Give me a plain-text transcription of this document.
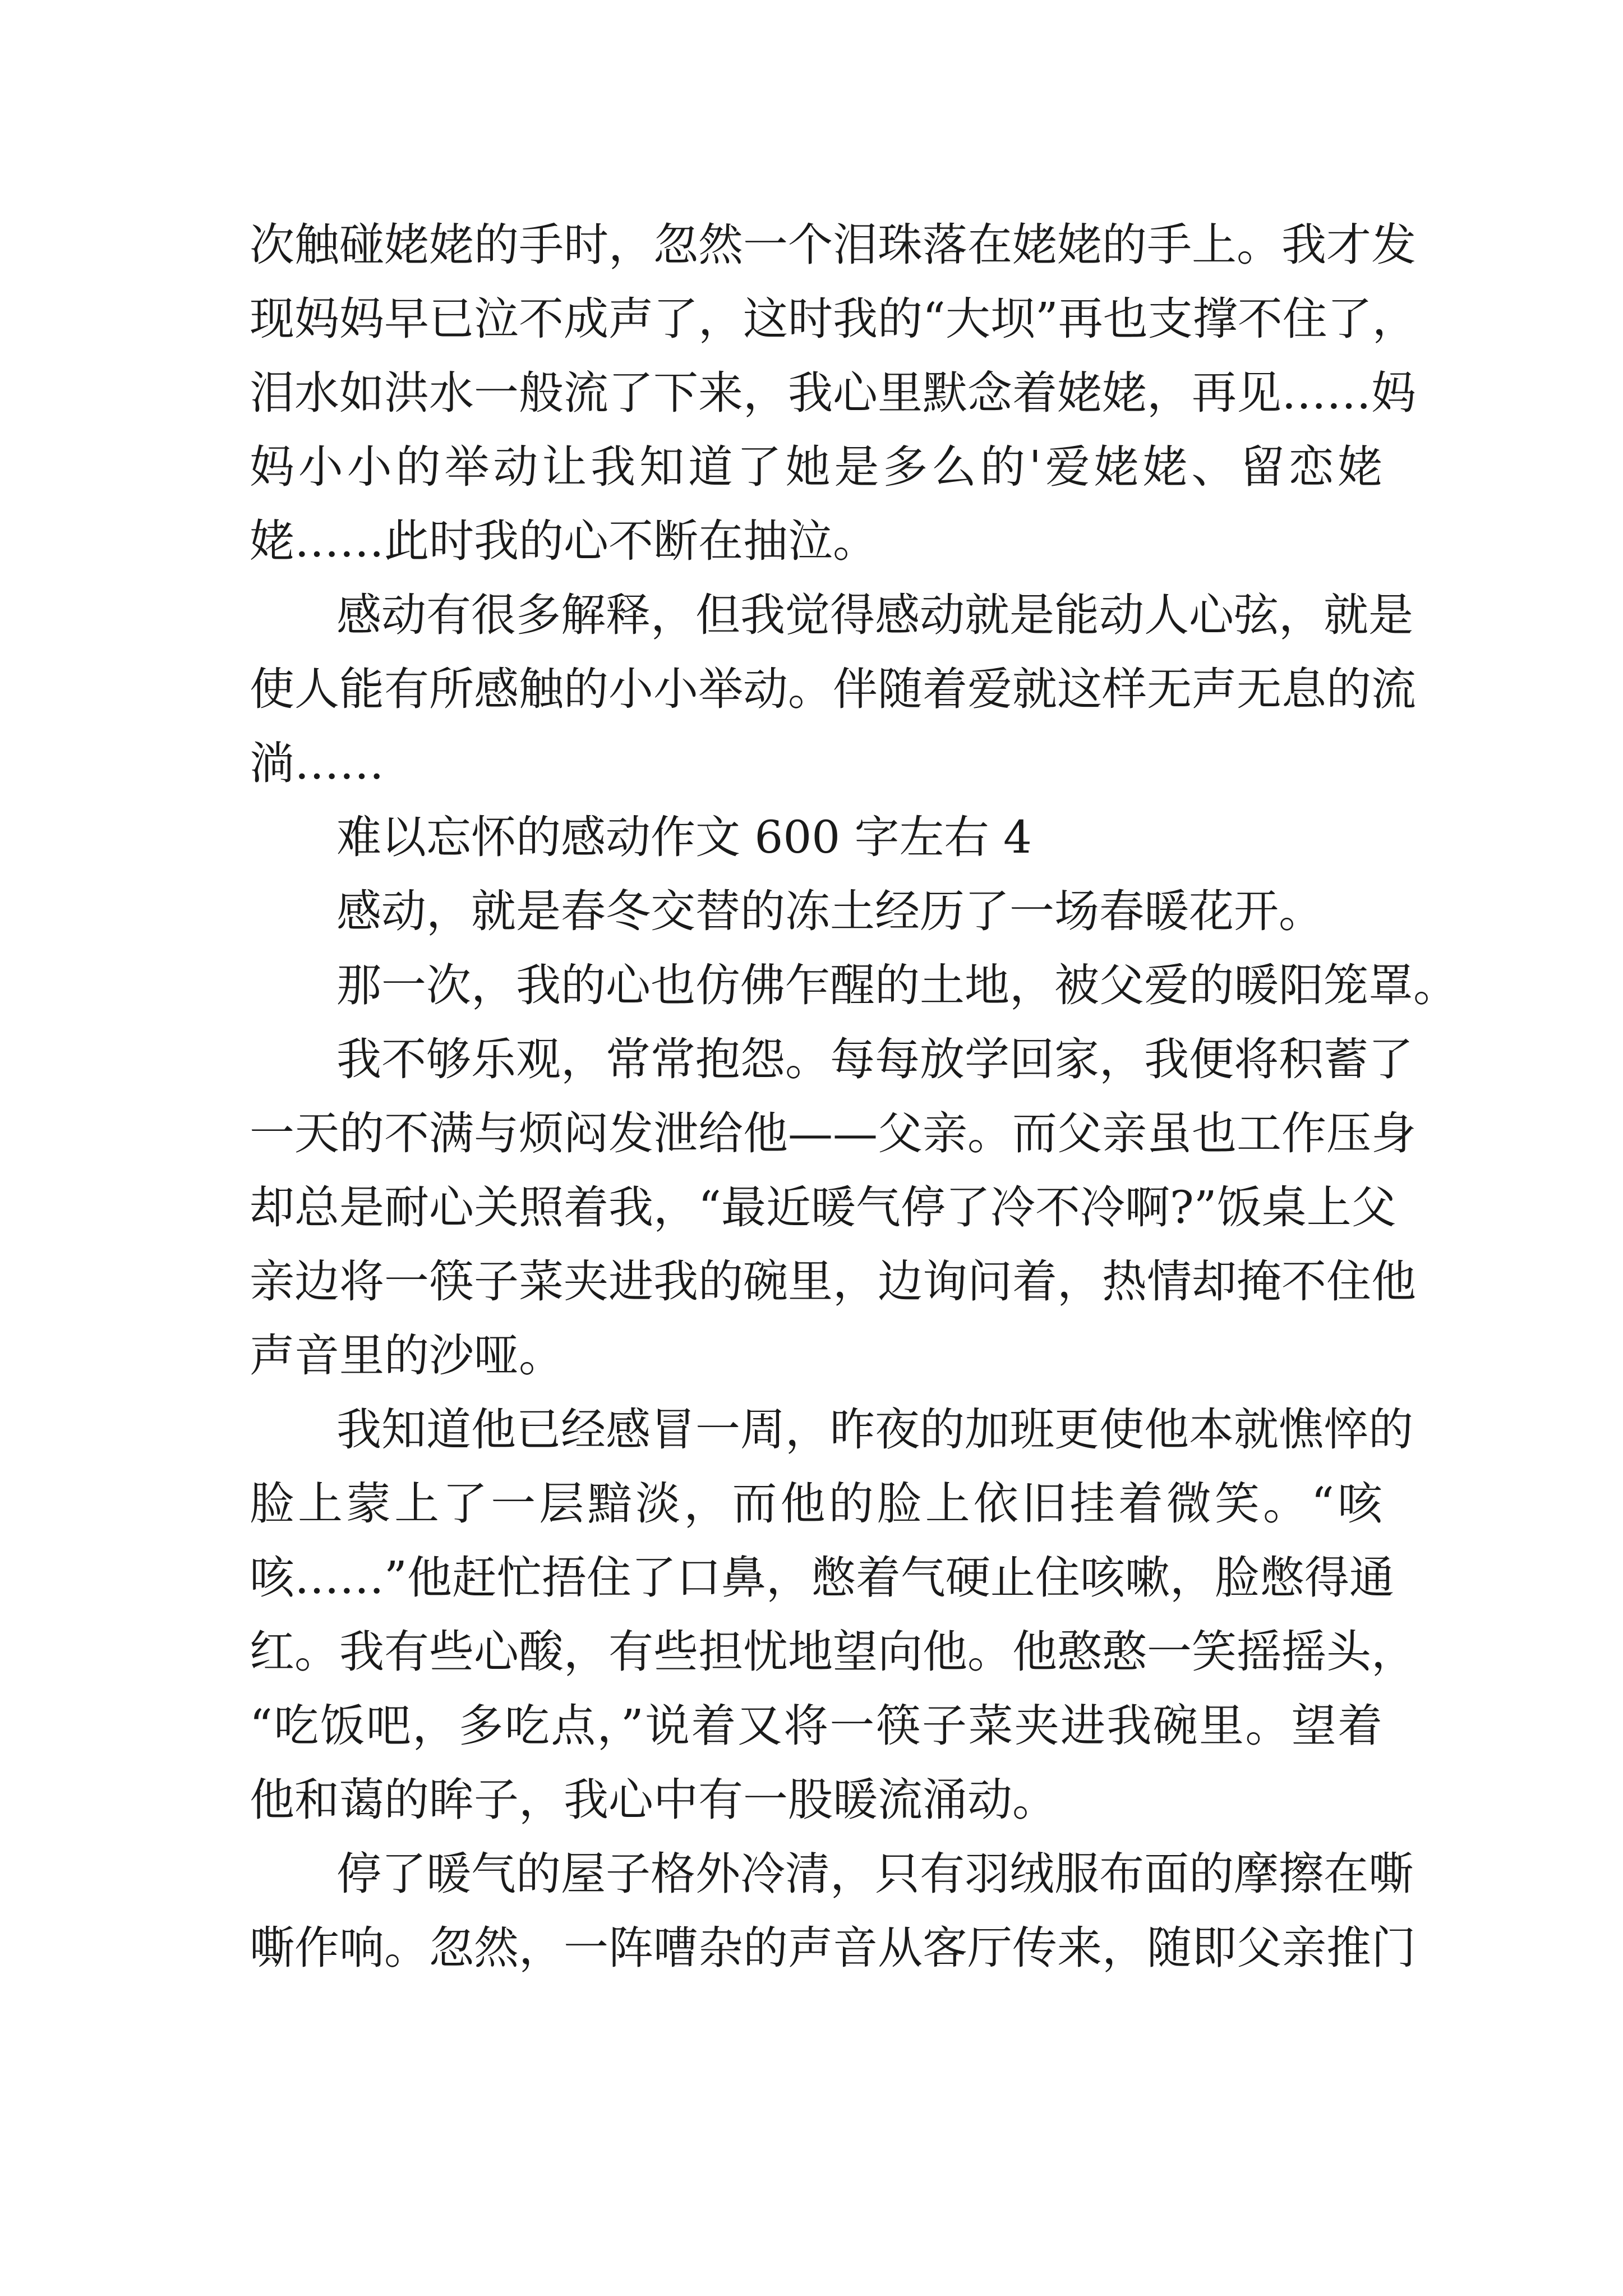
次触碰姥姥的手时，忽然一个泪珠落在姥姥的手上。我才发
现妈妈早已泣不成声了，这时我的“大坝”再也支撑不住了，
泪水如洪水一般流了下来，我心里默念着姥姥，再见……妈
妈小小的举动让我知道了她是多么的'爱姥姥、留恋姥
姥……此时我的心不断在抽泣。
感动有很多解释，但我觉得感动就是能动人心弦，就是
使人能有所感触的小小举动。伴随着爱就这样无声无息的流
淌……
难以忘怀的感动作文 600 字左右 4
感动，就是春冬交替的冻土经历了一场春暖花开。
那一次，我的心也仿佛乍醒的土地，被父爱的暖阳笼罩。
我不够乐观，常常抱怨。每每放学回家，我便将积蓄了
一天的不满与烦闷发泄给他——父亲。而父亲虽也工作压身
却总是耐心关照着我，“最近暖气停了冷不冷啊?”饭桌上父
亲边将一筷子菜夹进我的碗里，边询问着，热情却掩不住他
声音里的沙哑。
我知道他已经感冒一周，昨夜的加班更使他本就憔悴的
脸上蒙上了一层黯淡，而他的脸上依旧挂着微笑。“咳
咳……”他赶忙捂住了口鼻，憋着气硬止住咳嗽，脸憋得通
红。我有些心酸，有些担忧地望向他。他憨憨一笑摇摇头，
“吃饭吧，多吃点，”说着又将一筷子菜夹进我碗里。望着
他和蔼的眸子，我心中有一股暖流涌动。
停了暖气的屋子格外冷清，只有羽绒服布面的摩擦在嘶
嘶作响。忽然，一阵嘈杂的声音从客厅传来，随即父亲推门
